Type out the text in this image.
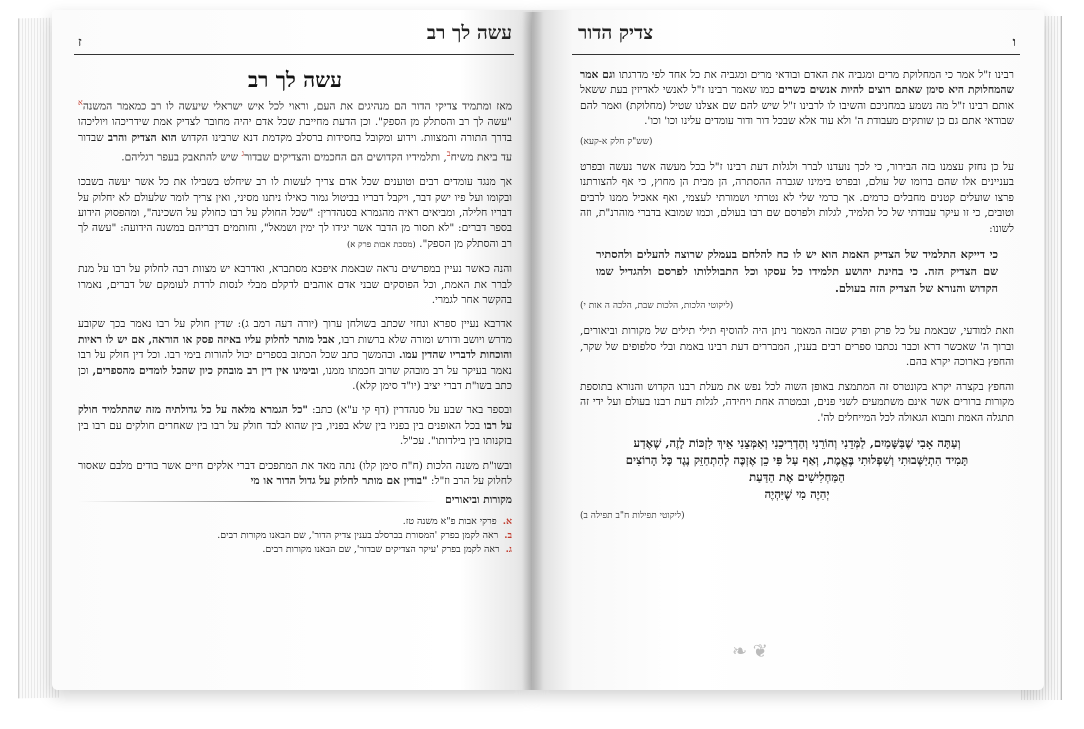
עשה לך רב
ז
עשה לך רב

מאז ומתמיד צדיקי הדור הם מנהיגים את העם, וראוי לכל איש ישראלי שיעשה לו רב כמאמר המשנה$^א$ "עשה לך רב והסתלק מן הספק". וכן הדעת מחייבת שכל אדם יהיה מחובר לצדיק אמת שידריכהו ויוליכהו בדרך התורה והמצוות. וידוע ומקובל בחסידות ברסלב מקדמת דנא שרבינו הקדוש הוא הצדיק והרב שבדור עד ביאת משיח$^ב$, ותלמידיו הקדושים הם החכמים והצדיקים שבדור$^ג$ שיש להתאבק בעפר רגליהם.

אך מנגד עומדים רבים וטוענים שכל אדם צריך לעשות לו רב שיחלט בשבילו את כל אשר יעשה בשבכו ובקומו ועל פיו ישק דבר, ויקבל דבריו בביטול גמור כאילו ניתנו מסיני, ואין צריך לומר שלעולם לא יחלוק על דבריו חלילה, ומביאים ראיה מהגמרא בסנהדרין: "שכל החולק על רבו כחולק על השכינה", ומהפסוק הידוע בספר דברים: "לא תסור מן הדבר אשר יגידו לך ימין ושמאל", וחותמים דבריהם במשנה הידועה: "עשה לך רב והסתלק מן הספק". (מסכת אבות פרק א)

והנה כאשר נעיין במפרשים נראה שבאמת איפכא מסתברא, ואדרבא יש מצוות רבה לחלוק על רבו על מנת לברר את האמת, וכל הפוסקים שבני אדם אוהבים לדקלם מבלי לנסות לרדת לעומקם של דברים, נאמרו בהקשר אחר לגמרי.

אדרבא נעיין ספרא ונחזי שכתב בשולחן ערוך (יורה דעה רמב ג): שדין חולק על רבו נאמר בכך שקובע מדרש ויושב ודורש ומורה שלא ברשות רבו, אבל מותר לחלוק עליו באיזה פסק או הוראה, אם יש לו ראיות והוכחות לדבריו שהדין עמו. ובהמשך כתב שכל הכתוב בספרים יכול להורות בימי רבו. וכל דין חולק על רבו נאמר בעיקר על רב מובהק שרוב חכמתו ממנו, ובימינו אין דין רב מובהק כיון שהכל לומדים מהספרים, וכן כתב בשו"ת דברי יציב (יו"ד סימן קלא).

ובספר באר שבע על סנהדרין (דף קי ע"א) כתב: "כל הגמרא מלאה על כל גדולתיה מזה שהתלמיד חולק על רבו בכל האופנים בין בפניו בין שלא בפניו, בין שהוא לבד חולק על רבו בין שאחרים חולקים עם רבו בין בזקנותו בין בילדותו". עכ"ל.

ובשו"ת משנה הלכות (ח"ח סימן קלו) נתה מאד את המתפכים דברי אלקים חיים אשר בודים מלבם שאסור לחלוק על הרב וז"ל: "בודין אם מותר לחלוק על גדול הדור או מי

מקורות וביאורים
א.
פרקי אבות פ"א משנה טז.
ב.
ראה לקמן בפרק 'המסורת בברסלב בענין צדיק הדור', שם הבאנו מקורות רבים.
ג.
ראה לקמן בפרק 'עיקר הצדיקים שבדור', שם הבאנו מקורות רבים.
צדיק הדור	ו

רבינו ז"ל אמר כי המחלוקת מרים ומגביה את האדם ובודאי מרים ומגביה את כל אחד לפי מדרגתו וגם אמר שהמחלוקת היא סימן שאתם רוצים להיות אנשים כשרים כמו שאמר רבינו ז"ל לאנשי לאדיזין בעת ששאל אותם רבינו ז"ל מה נשמע במחניכם והשיבו לו לרבינו ז"ל שיש להם שם אצלנו שטיל (מחלוקת) ואמר להם שבודאי אתם גם כן שותקים מעבודת ה' ולא עוד אלא שבכל דור ודור עומדים עלינו וכו' וכו'.

(שש"ק חלק א-קעא)

על כן נחזק עצמנו בזה הבירור, כי לכך נועדנו לברר ולגלות דעת רבינו ז"ל בכל מעשה אשר נעשה ובפרט בעניינים אלו שהם ברומו של עולם, ובפרט בימינו שגברה ההסתרה, הן מבית הן מחוץ, כי אף להצורתנו פרצו שועלים קטנים מחבלים כרמים. אך כרמי שלי לא נטרתי ושמורתי לעצמי, ואף אאכיל ממנו לרבים וטובים, כי זו עיקר עבודתי של כל תלמיד, לגלות ולפרסם שם רבו בעולם, וכמו שמובא בדברי מוהרנ"ת, וזה לשונו:

כי דייקא התלמיד של הצדיק האמת הוא יש לו כח להלחם בעמלק שרוצה להעלים ולהסתיר שם הצדיק הזה. כי בחינת יהושע תלמידו כל עסקו וכל התבוללותו לפרסם ולהגדיל שמו הקדוש והנורא של הצדיק הזה בעולם.
(ליקוטי הלכות, הלכות שבת, הלכה ה אות י)

וזאת למודעי, שבאמת על כל פרק ופרק שבזה המאמר ניתן היה להוסיף תילי תילים של מקורות וביאורים, וברוך ה' שאכשר דרא וכבר נכתבו ספרים רבים בענין, המבררים דעת רבינו באמת ובלי סלפופים של שקר, והחפץ בארוכה יקרא בהם.

והחפץ בקצרה יקרא בקונטרס זה המתמצת באופן השוה לכל נפש את מעלת רבנו הקדוש והנורא בתוספת מקורות ברורים אשר אינם משתמעים לשני פנים, ובמטרה אחת ויחידה, לגלות דעת רבנו בעולם ועל ידי זה תתגלה האמת ותבוא הגאולה לכל המייחלים לה'.

וְעַתָּה אָבִי שֶׁבַּשָּׁמַיִם, לַמְּדֵנִי וְהוֹרֵנִי וְהַדְרִיכֵנִי וְאַמְּצֵנִי אֵיךְ לִזְכּוֹת לָזֶה, שֶׁאֶדַע
תָּמִיד הִתְיַשְּׁבוּתִי וְשִׁפְלוּתִי בֶּאֱמֶת, וְאַף עַל פִּי כֵן אֶזְכֶּה לְהִתְחַזֵּק נֶגֶד כָּל הָרוֹצִים
הַמַּחְלִישִׁים אֶת הַדַּעַת
יְהִיֶה מִי שֶׁיִּהְיֶה
(ליקוטי תפילות ח"ב תפילה ב)
❦ ❧
